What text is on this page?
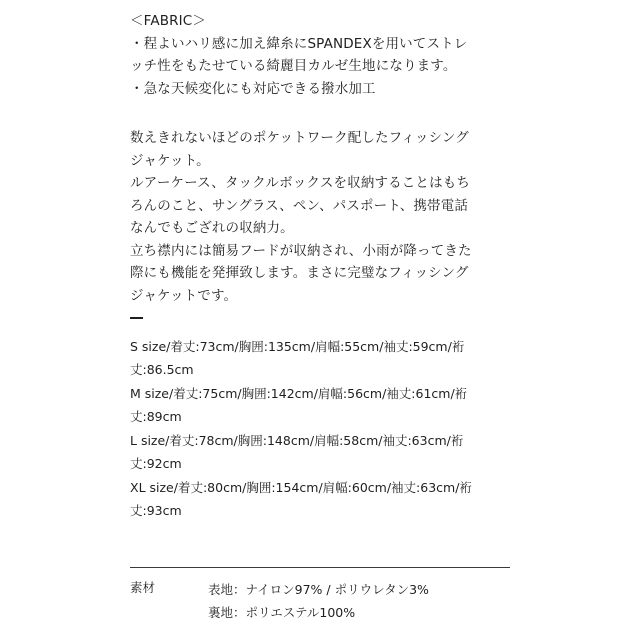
＜FABRIC＞
・程よいハリ感に加え緯糸にSPANDEXを用いてストレ
ッチ性をもたせている綺麗目カルゼ生地になります。
・急な天候変化にも対応できる撥水加工
数えきれないほどのポケットワーク配したフィッシング
ジャケット。
ルアーケース、タックルボックスを収納することはもち
ろんのこと、サングラス、ペン、パスポート、携帯電話
なんでもござれの収納力。
立ち襟内には簡易フードが収納され、小雨が降ってきた
際にも機能を発揮致します。まさに完璧なフィッシング
ジャケットです。
S size/着丈:73cm/胸囲:135cm/肩幅:55cm/袖丈:59cm/裄
丈:86.5cm
M size/着丈:75cm/胸囲:142cm/肩幅:56cm/袖丈:61cm/裄
丈:89cm
L size/着丈:78cm/胸囲:148cm/肩幅:58cm/袖丈:63cm/裄
丈:92cm
XL size/着丈:80cm/胸囲:154cm/肩幅:60cm/袖丈:63cm/裄
丈:93cm
素材	表地：ナイロン97% / ポリウレタン3%
裏地：ポリエステル100%
